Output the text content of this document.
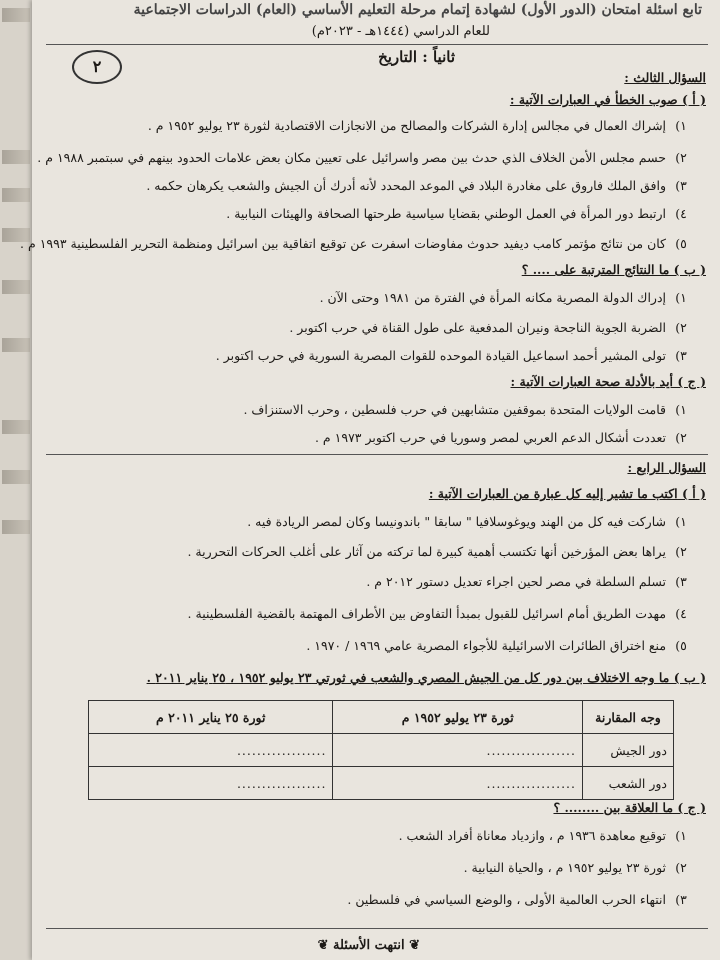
تابع اسئلة امتحان (الدور الأول) لشهادة إتمام مرحلة التعليم الأساسي (العام) الدراسات الاجتماعية
للعام الدراسي (١٤٤٤هـ - ٢٠٢٣م)
ثانياً : التاريخ
٢
السؤال الثالث :
( أ ) صوب الخطأ في العبارات الآتية :
١) إشراك العمال في مجالس إدارة الشركات والمصالح من الانجازات الاقتصادية لثورة ٢٣ يوليو ١٩٥٢ م .
٢) حسم مجلس الأمن الخلاف الذي حدث بين مصر واسرائيل على تعيين مكان بعض علامات الحدود بينهم في سبتمبر ١٩٨٨ م .
٣) وافق الملك فاروق على مغادرة البلاد في الموعد المحدد لأنه أدرك أن الجيش والشعب يكرهان حكمه .
٤) ارتبط دور المرأة في العمل الوطني بقضايا سياسية طرحتها الصحافة والهيئات النيابية .
٥) كان من نتائج مؤتمر كامب ديفيد حدوث مفاوضات اسفرت عن توقيع اتفاقية بين اسرائيل ومنظمة التحرير الفلسطينية ١٩٩٣ م .
( ب ) ما النتائج المترتبة على .... ؟
١) إدراك الدولة المصرية مكانه المرأة في الفترة من ١٩٨١ وحتى الآن .
٢) الضربة الجوية الناجحة ونيران المدفعية على طول القناة في حرب اكتوبر .
٣) تولى المشير أحمد اسماعيل القيادة الموحده للقوات المصرية السورية في حرب اكتوبر .
( ج ) أيد بالأدلة صحة العبارات الآتية :
١) قامت الولايات المتحدة بموقفين متشابهين في حرب فلسطين ، وحرب الاستنزاف .
٢) تعددت أشكال الدعم العربي لمصر وسوريا في حرب اكتوبر ١٩٧٣ م .
السؤال الرابع :
( أ ) اكتب ما تشير إليه كل عبارة من العبارات الآتية :
١) شاركت فيه كل من الهند ويوغوسلافيا " سابقا " باندونيسا وكان لمصر الريادة فيه .
٢) يراها بعض المؤرخين أنها تكتسب أهمية كبيرة لما تركته من آثار على أغلب الحركات التحررية .
٣) تسلم السلطة في مصر لحين اجراء تعديل دستور ٢٠١٢ م .
٤) مهدت الطريق أمام اسرائيل للقبول بمبدأ التفاوض بين الأطراف المهتمة بالقضية الفلسطينية .
٥) منع اختراق الطائرات الاسرائيلية للأجواء المصرية عامي ١٩٦٩ / ١٩٧٠ .
( ب ) ما وجه الاختلاف بين دور كل من الجيش المصري والشعب في ثورتي ٢٣ يوليو ١٩٥٢ ، ٢٥ يناير ٢٠١١ .
وجه المقارنة	ثورة ٢٣ يوليو ١٩٥٢ م	ثورة ٢٥ يناير ٢٠١١ م
دور الجيش	..................	..................
دور الشعب	..................	..................
( ج ) ما العلاقة بين ........ ؟
١) توقيع معاهدة ١٩٣٦ م ، وازدياد معاناة أفراد الشعب .
٢) ثورة ٢٣ يوليو ١٩٥٢ م ، والحياة النيابية .
٣) انتهاء الحرب العالمية الأولى ، والوضع السياسي في فلسطين .
❦ انتهت الأسئلة ❦
